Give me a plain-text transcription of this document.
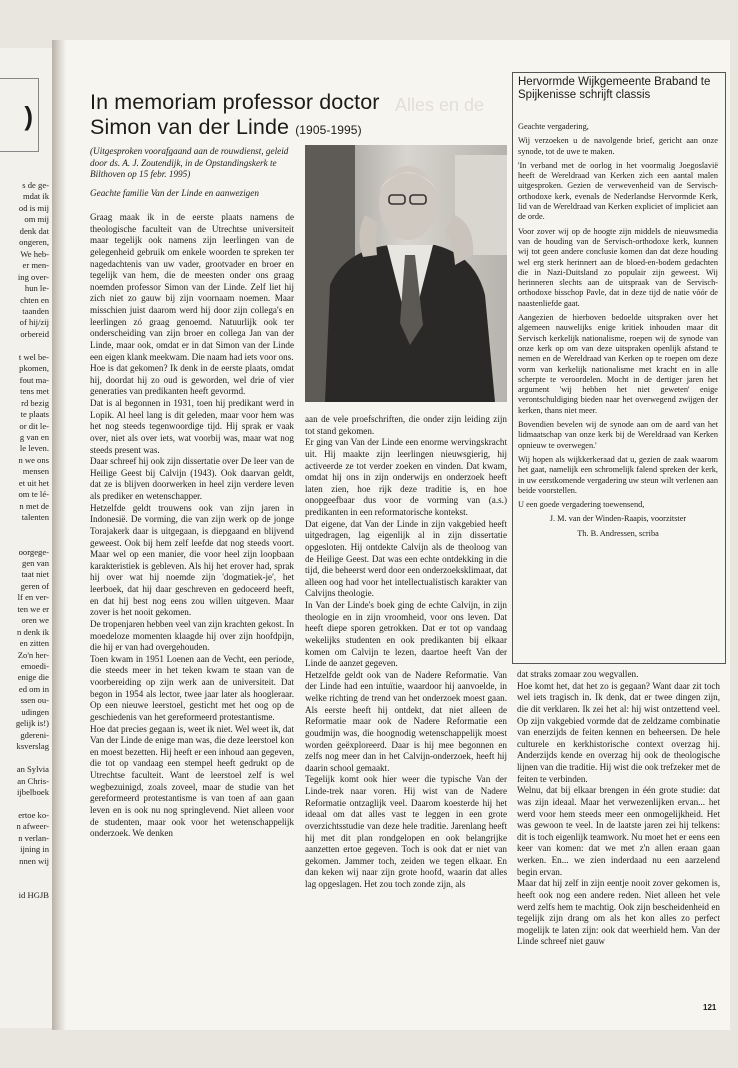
s de ge-
mdat ik
od is mij
om mij
denk dat
ongeren,
We heb-
er men-
ing over-
hun le-
chten en
taanden
of hij/zij
orbereid

t wel be-
pkomen,
fout ma-
tens met
rd bezig
te plaats
or dit le-
g van en
le leven.
n we ons
mensen
et uit het
om te lé-
n met de
talenten

oorgege-
gen van
taat niet
geren of
lf en ver-
ten we er
oren we
n denk ik
en zitten
Zo'n her-
emoedi-
enige die
ed om in
ssen ou-
udingen
gelijk is!)
gdereni-
ksverslag

an Sylvia
an Chris-
ijbelboek

ertoe ko-
n afweer-
n verlan-
ijning in
nnen wij

id HGJB
)	Alles en de
In memoriam professor doctor
Simon van der Linde (1905-1995)
(Uitgesproken voorafgaand aan de rouwdienst, geleid door ds. A. J. Zoutendijk, in de Opstandingskerk te Bilthoven op 15 febr. 1995)
Geachte familie Van der Linde en aanwezigen

Graag maak ik in de eerste plaats namens de theologische faculteit van de Utrechtse universiteit maar tegelijk ook namens zijn leerlingen van de gelegenheid gebruik om enkele woorden te spreken ter nagedachtenis van uw vader, grootvader en broer en tegelijk van hem, die de meesten onder ons graag noemden professor Simon van der Linde. Zelf liet hij zich niet zo gauw bij zijn voornaam noemen. Maar misschien juist daarom werd hij door zijn collega's en leerlingen zó graag genoemd. Natuurlijk ook ter onderscheiding van zijn broer en collega Jan van der Linde, maar ook, omdat er in dat Simon van der Linde een eigen klank meekwam. Die naam had iets voor ons.

Hoe is dat gekomen? Ik denk in de eerste plaats, omdat hij, doordat hij zo oud is geworden, wel drie of vier generaties van predikanten heeft gevormd.

Dat is al begonnen in 1931, toen hij predikant werd in Lopik. Al heel lang is dit geleden, maar voor hem was het nog steeds tegenwoordige tijd. Hij sprak er vaak over, niet als over iets, wat voorbij was, maar wat nog steeds present was.

Daar schreef hij ook zijn dissertatie over De leer van de Heilige Geest bij Calvijn (1943). Ook daarvan geldt, dat ze is blijven doorwerken in heel zijn verdere leven als prediker en wetenschapper.

Hetzelfde geldt trouwens ook van zijn jaren in Indonesië. De vorming, die van zijn werk op de jonge Torajakerk daar is uitgegaan, is diepgaand en blijvend geweest. Ook bij hem zelf leefde dat nog steeds voort. Maar wel op een manier, die voor heel zijn loopbaan karakteristiek is gebleven. Als hij het erover had, sprak hij over wat hij noemde zijn 'dogmatiek-je', het leerboek, dat hij daar geschreven en gedoceerd heeft, en dat hij best nog eens zou willen uitgeven. Maar zover is het nooit gekomen.

De tropenjaren hebben veel van zijn krachten gekost. In moedeloze momenten klaagde hij over zijn hoofdpijn, die hij er van had overgehouden.

Toen kwam in 1951 Loenen aan de Vecht, een periode, die steeds meer in het teken kwam te staan van de voorbereiding op zijn werk aan de universiteit. Dat begon in 1954 als lector, twee jaar later als hoogleraar. Op een nieuwe leerstoel, gesticht met het oog op de geschiedenis van het gereformeerd protestantisme.

Hoe dat precies gegaan is, weet ik niet. Wel weet ik, dat Van der Linde de enige man was, die deze leerstoel kon en moest bezetten. Hij heeft er een inhoud aan gegeven, die tot op vandaag een stempel heeft gedrukt op de Utrechtse faculteit. Want de leerstoel zelf is wel wegbezuinigd, zoals zoveel, maar de studie van het gereformeerd protestantisme is van toen af aan gaan leven en is ook nu nog springlevend. Niet alleen voor de studenten, maar ook voor het wetenschappelijk onderzoek. We denken

aan de vele proefschriften, die onder zijn leiding zijn tot stand gekomen.

Er ging van Van der Linde een enorme wervingskracht uit. Hij maakte zijn leerlingen nieuwsgierig, hij activeerde ze tot verder zoeken en vinden. Dat kwam, omdat hij ons in zijn onderwijs en onderzoek heeft laten zien, hoe rijk deze traditie is, en hoe onopgeefbaar dus voor de vorming van (a.s.) predikanten in een reformatorische kontekst.

Dat eigene, dat Van der Linde in zijn vakgebied heeft uitgedragen, lag eigenlijk al in zijn dissertatie opgesloten. Hij ontdekte Calvijn als de theoloog van de Heilige Geest. Dat was een echte ontdekking in die tijd, die beheerst werd door een onderzoeksklimaat, dat alleen oog had voor het intellectualistisch karakter van Calvijns theologie.

In Van der Linde's boek ging de echte Calvijn, in zijn theologie en in zijn vroomheid, voor ons leven. Dat heeft diepe sporen getrokken. Dat er tot op vandaag wekelijks studenten en ook predikanten bij elkaar komen om Calvijn te lezen, daartoe heeft Van der Linde de aanzet gegeven.

Hetzelfde geldt ook van de Nadere Reformatie. Van der Linde had een intuïtie, waardoor hij aanvoelde, in welke richting de trend van het onderzoek moest gaan. Als eerste heeft hij ontdekt, dat niet alleen de Reformatie maar ook de Nadere Reformatie een goudmijn was, die hoognodig wetenschappelijk moest worden geëxploreerd. Daar is hij mee begonnen en zelfs nog meer dan in het Calvijn-onderzoek, heeft hij daarin school gemaakt.

Tegelijk komt ook hier weer die typische Van der Linde-trek naar voren. Hij wist van de Nadere Reformatie ontzaglijk veel. Daarom koesterde hij het ideaal om dat alles vast te leggen in een grote overzichtsstudie van deze hele traditie. Jarenlang heeft hij met dit plan rondgelopen en ook belangrijke aanzetten ertoe gegeven. Toch is ook dat er niet van gekomen. Jammer toch, zeiden we tegen elkaar. En dan keken wij naar zijn grote hoofd, waarin dat alles lag opgeslagen. Het zou toch zonde zijn, als

dat straks zomaar zou wegvallen.

Hoe komt het, dat het zo is gegaan? Want daar zit toch wel iets tragisch in. Ik denk, dat er twee dingen zijn, die dit verklaren. Ik zei het al: hij wist ontzettend veel. Op zijn vakgebied vormde dat de zeldzame combinatie van enerzijds de feiten kennen en beheersen. De hele culturele en kerkhistorische context overzag hij. Anderzijds kende en overzag hij ook de theologische lijnen van die traditie. Hij wist die ook trefzeker met de feiten te verbinden.

Welnu, dat bij elkaar brengen in één grote studie: dat was zijn ideaal. Maar het verwezenlijken ervan... het werd voor hem steeds meer een onmogelijkheid. Het was gewoon te veel. In de laatste jaren zei hij telkens: dit is toch eigenlijk teamwork. Nu moet het er eens een keer van komen: dat we met z'n allen eraan gaan werken. En... we zien inderdaad nu een aarzelend begin ervan.

Maar dat hij zelf in zijn eentje nooit zover gekomen is, heeft ook nog een andere reden. Niet alleen het vele werd zelfs hem te machtig. Ook zijn bescheidenheid en tegelijk zijn drang om als het kon alles zo perfect mogelijk te laten zijn: ook dat weerhield hem. Van der Linde schreef niet gauw

Hervormde Wijkgemeente Braband te Spijkenisse schrijft classis

Geachte vergadering,

Wij verzoeken u de navolgende brief, gericht aan onze synode, tot de uwe te maken.

'In verband met de oorlog in het voormalig Joegoslavië heeft de Wereldraad van Kerken zich een aantal malen uitgesproken. Gezien de verwevenheid van de Servisch-orthodoxe kerk, evenals de Nederlandse Hervormde Kerk, lid van de Wereldraad van Kerken expliciet of impliciet aan de orde.

Voor zover wij op de hoogte zijn middels de nieuwsmedia van de houding van de Servisch-orthodoxe kerk, kunnen wij tot geen andere conclusie komen dan dat deze houding wel erg sterk herinnert aan de bloed-en-bodem gedachten die in Nazi-Duitsland zo populair zijn geweest. Wij herinneren slechts aan de uitspraak van de Servisch-orthodoxe bisschop Pavle, dat in deze tijd de natie vóór de naastenliefde gaat.

Aangezien de hierboven bedoelde uitspraken over het algemeen nauwelijks enige kritiek inhouden maar dit Servisch kerkelijk nationalisme, roepen wij de synode van onze kerk op om van deze uitspraken openlijk afstand te nemen en de Wereldraad van Kerken op te roepen om deze vorm van kerkelijk nationalisme met kracht en in alle scherpte te veroordelen. Mocht in de dertiger jaren het argument 'wij hebben het niet geweten' enige verontschuldiging bieden naar het overwegend zwijgen der kerken, thans niet meer.

Bovendien bevelen wij de synode aan om de aard van het lidmaatschap van onze kerk bij de Wereldraad van Kerken opnieuw te overwegen.'

Wij hopen als wijkkerkeraad dat u, gezien de zaak waarom het gaat, namelijk een schromelijk falend spreken der kerk, in uw eerstkomende vergadering uw steun wilt verlenen aan beide voorstellen.

U een goede vergadering toewensend,

J. M. van der Winden-Raapis, voorzitster

Th. B. Andressen, scriba

121
